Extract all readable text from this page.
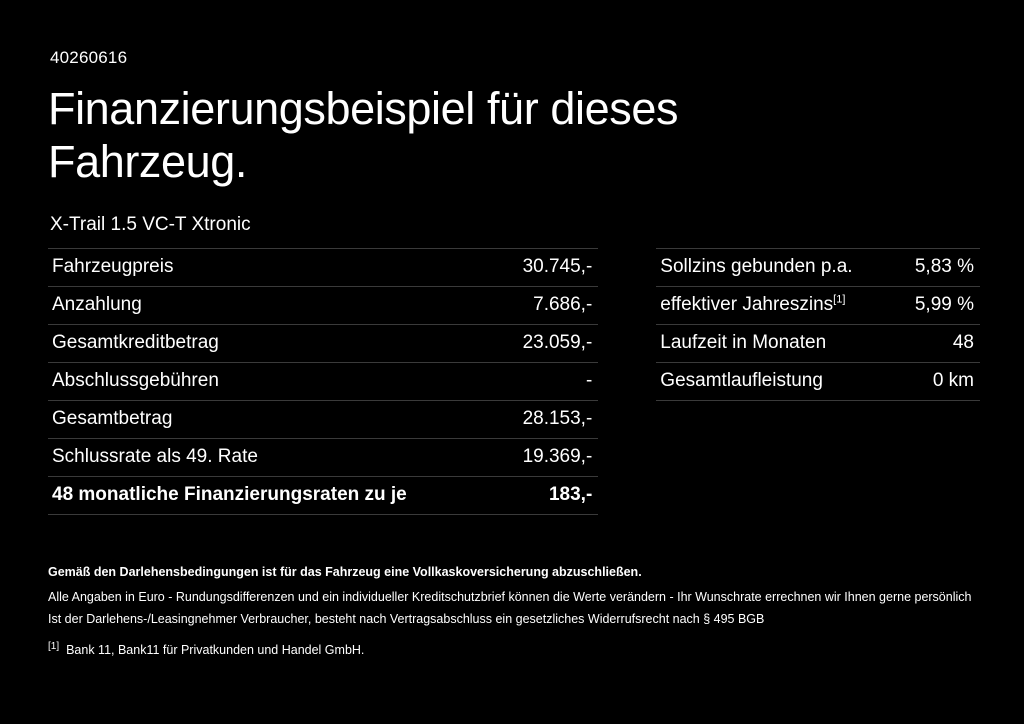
40260616
Finanzierungsbeispiel für dieses Fahrzeug.
X-Trail 1.5 VC-T Xtronic
Fahrzeugpreis	30.745,-
Anzahlung	7.686,-
Gesamtkreditbetrag	23.059,-
Abschlussgebühren	-
Gesamtbetrag	28.153,-
Schlussrate als 49. Rate	19.369,-
48 monatliche Finanzierungsraten zu je	183,-
Sollzins gebunden p.a.	5,83 %
effektiver Jahreszins[1]	5,99 %
Laufzeit in Monaten	48
Gesamtlaufleistung	0 km
Gemäß den Darlehensbedingungen ist für das Fahrzeug eine Vollkaskoversicherung abzuschließen.
Alle Angaben in Euro - Rundungsdifferenzen und ein individueller Kreditschutzbrief können die Werte verändern - Ihr Wunschrate errechnen wir Ihnen gerne persönlich
Ist der Darlehens-/Leasingnehmer Verbraucher, besteht nach Vertragsabschluss ein gesetzliches Widerrufsrecht nach § 495 BGB
[1] Bank 11, Bank11 für Privatkunden und Handel GmbH.
